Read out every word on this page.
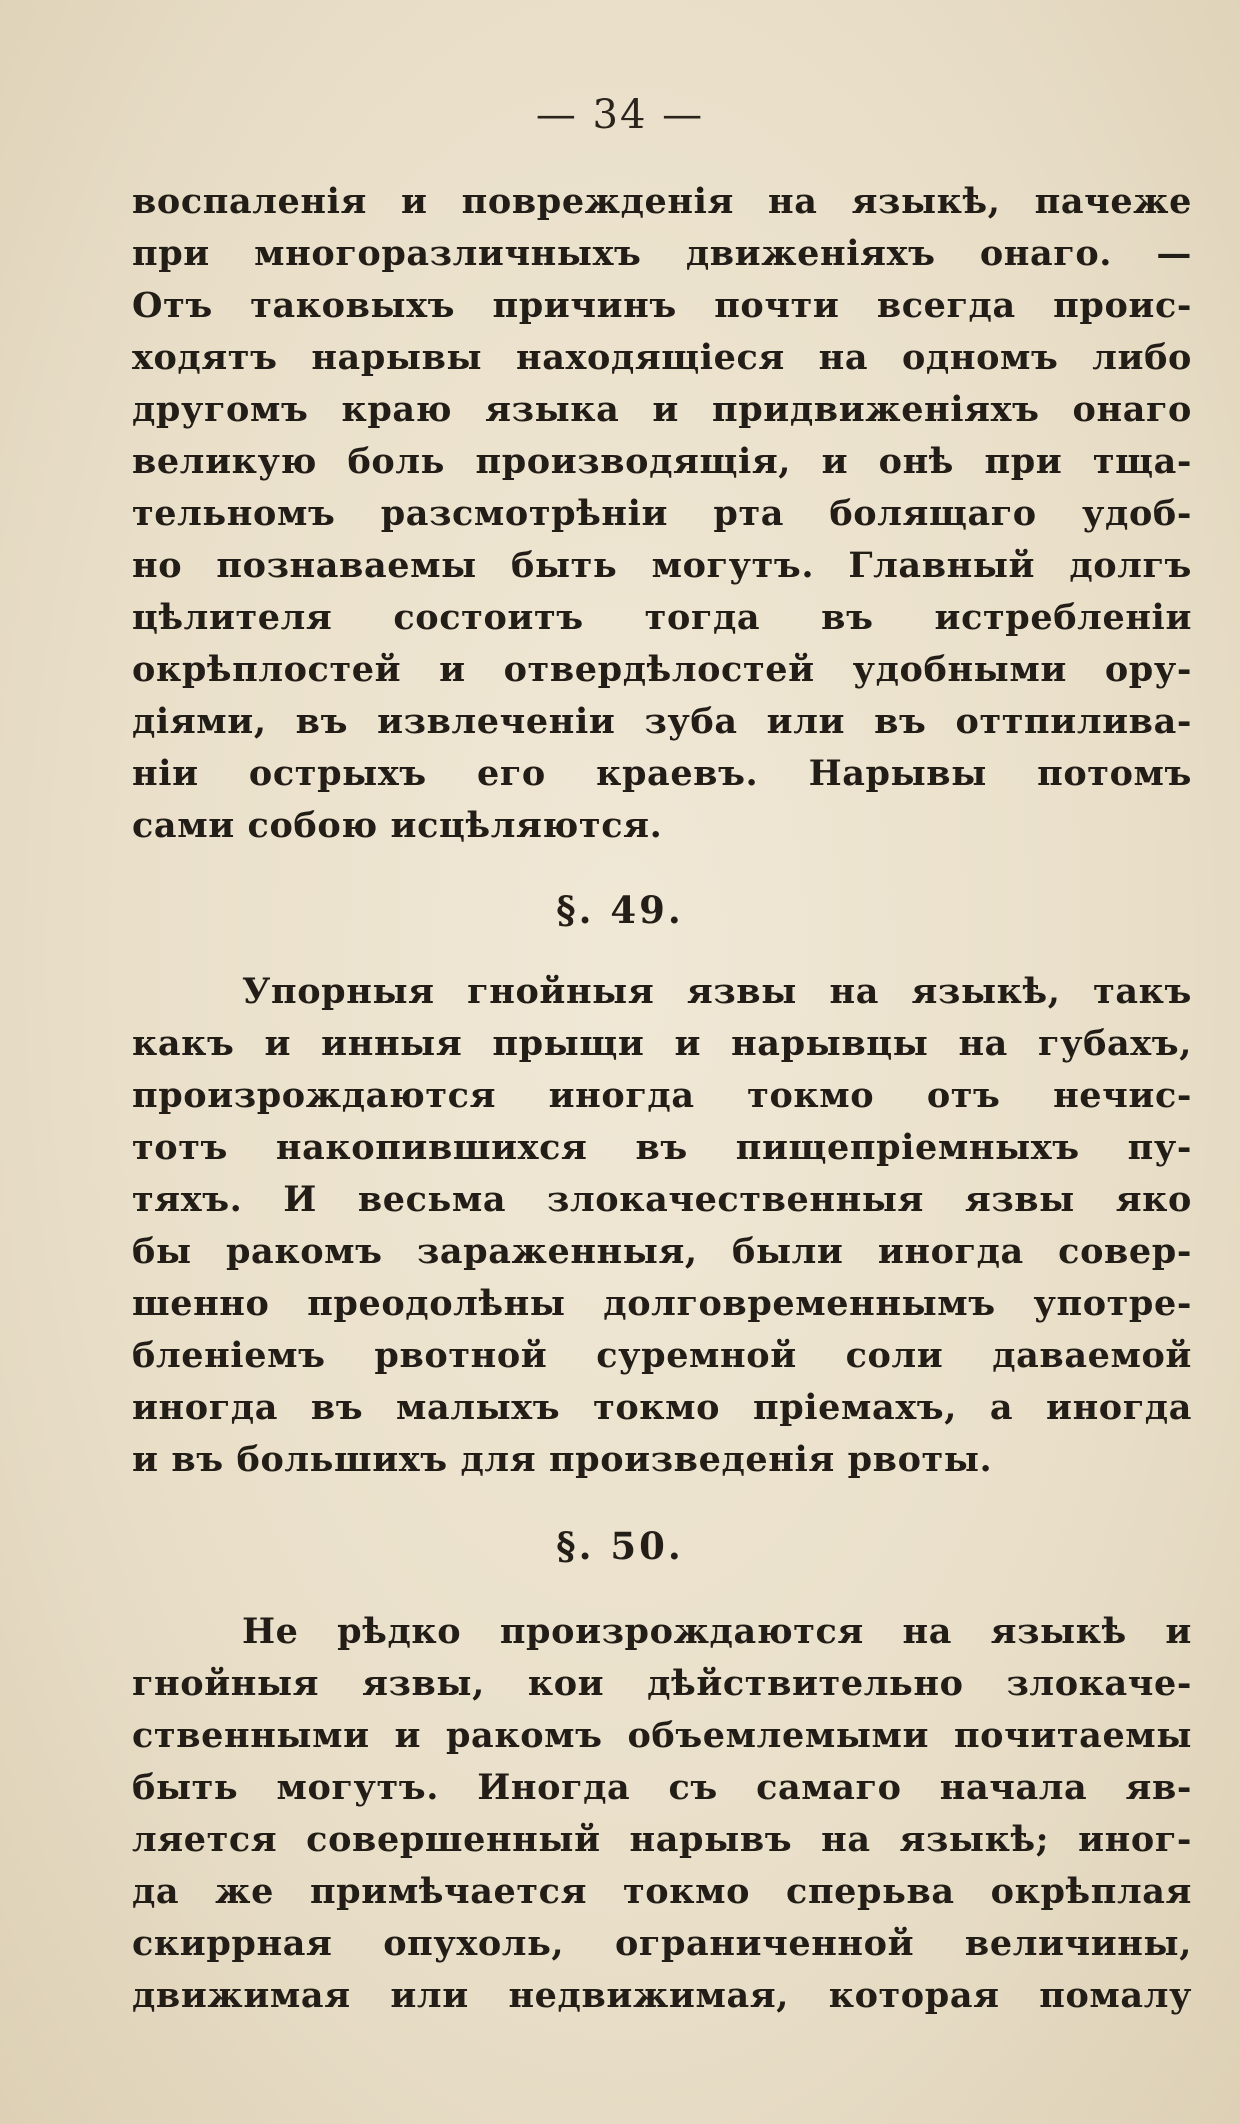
— 34 —
воспаленія и поврежденія на языкѣ, пачеже
при многоразличныхъ движеніяхъ онаго. —
Отъ таковыхъ причинъ почти всегда проис-
ходятъ нарывы находящіеся на одномъ либо
другомъ краю языка и придвиженіяхъ онаго
великую боль производящія, и онѣ при тща-
тельномъ разсмотрѣніи рта болящаго удоб-
но познаваемы быть могутъ. Главный долгъ
цѣлителя состоитъ тогда въ истребленіи
окрѣплостей и отвердѣлостей удобными ору-
діями, въ извлеченіи зуба или въ оттпилива-
ніи острыхъ его краевъ. Нарывы потомъ
сами собою исцѣляются.
§. 49.
Упорныя гнойныя язвы на языкѣ, такъ
какъ и инныя прыщи и нарывцы на губахъ,
произрождаются иногда токмо отъ нечис-
тотъ накопившихся въ пищепріемныхъ пу-
тяхъ. И весьма злокачественныя язвы яко
бы ракомъ зараженныя, были иногда совер-
шенно преодолѣны долговременнымъ употре-
бленіемъ рвотной суремной соли даваемой
иногда въ малыхъ токмо пріемахъ, а иногда
и въ большихъ для произведенія рвоты.
§. 50.
Не рѣдко произрождаются на языкѣ и
гнойныя язвы, кои дѣйствительно злокаче-
ственными и ракомъ объемлемыми почитаемы
быть могутъ. Иногда съ самаго начала яв-
ляется совершенный нарывъ на языкѣ; иног-
да же примѣчается токмо сперьва окрѣплая
скиррная опухоль, ограниченной величины,
движимая или недвижимая, которая помалу
